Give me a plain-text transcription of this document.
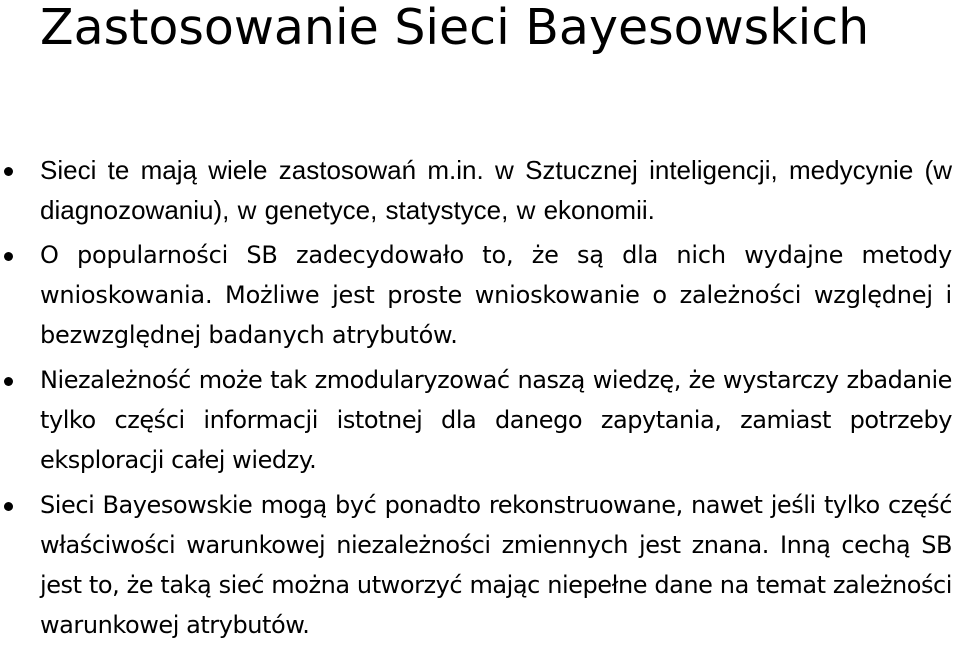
Zastosowanie Sieci Bayesowskich
Sieci te mają wiele zastosowań m.in. w Sztucznej inteligencji, medycynie (w diagnozowaniu), w genetyce, statystyce, w ekonomii.
O popularności SB zadecydowało to, że są dla nich wydajne metody wnioskowania. Możliwe jest proste wnioskowanie o zależności względnej i bezwzględnej badanych atrybutów.
Niezależność może tak zmodularyzować naszą wiedzę, że wystarczy zbadanie tylko części informacji istotnej dla danego zapytania, zamiast potrzeby eksploracji całej wiedzy.
Sieci Bayesowskie mogą być ponadto rekonstruowane, nawet jeśli tylko część właściwości warunkowej niezależności zmiennych jest znana. Inną cechą SB jest to, że taką sieć można utworzyć mając niepełne dane na temat zależności warunkowej atrybutów.
